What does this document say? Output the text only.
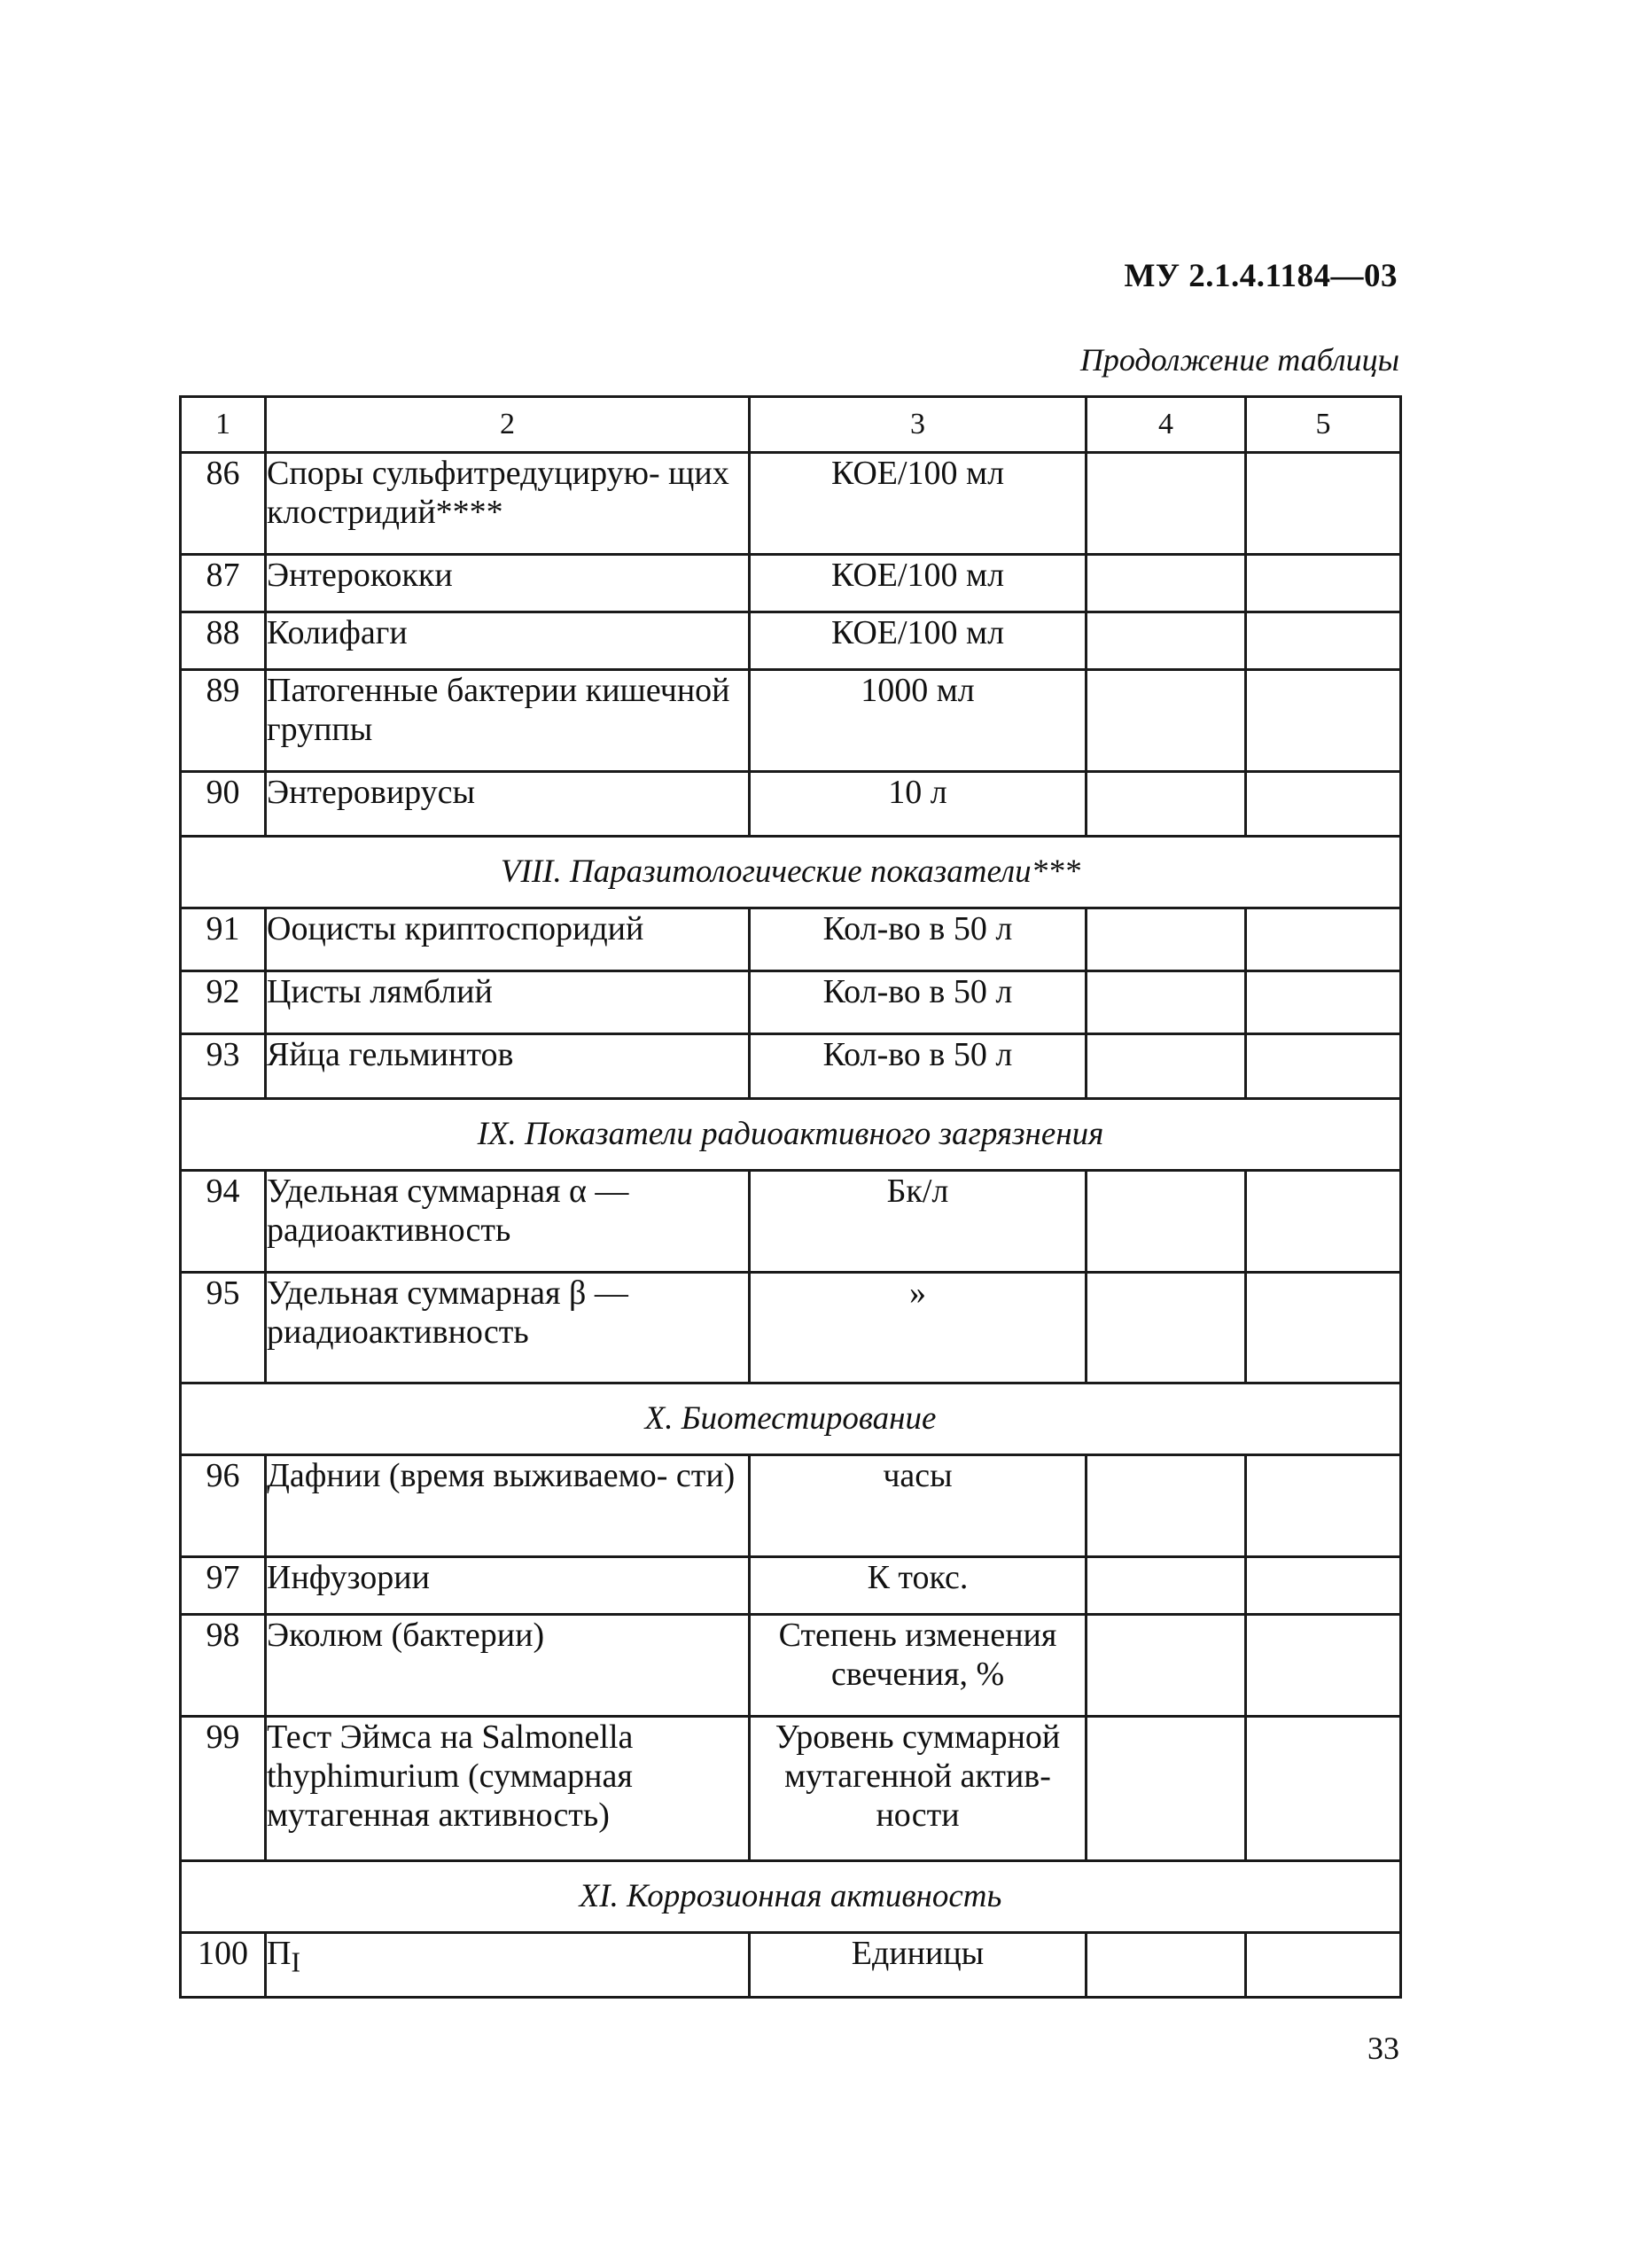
МУ 2.1.4.1184—03
Продолжение таблицы
1	2	3	4	5
86	Споры сульфитредуцирую- щих клостридий****	КОЕ/100 мл		
87	Энтерококки	КОЕ/100 мл		
88	Колифаги	КОЕ/100 мл		
89	Патогенные бактерии кишечной группы	1000 мл		
90	Энтеровирусы	10 л		
VIII. Паразитологические показатели***				
91	Ооцисты криптоспоридий	Кол-во в 50 л		
92	Цисты лямблий	Кол-во в 50 л		
93	Яйца гельминтов	Кол-во в 50 л		
IX. Показатели радиоактивного загрязнения				
94	Удельная суммарная α — радиоактивность	Бк/л		
95	Удельная суммарная β — риадиоактивность	»		
X. Биотестирование				
96	Дафнии (время выживаемо- сти)	часы		
97	Инфузории	К токс.		
98	Эколюм (бактерии)	Степень изменения свечения, %		
99	Тест Эймса на Salmonella thyphimurium (суммарная мутагенная активность)	Уровень суммарной мутагенной актив- ности		
XI. Коррозионная активность				
100	$П_I$	Единицы		
33
